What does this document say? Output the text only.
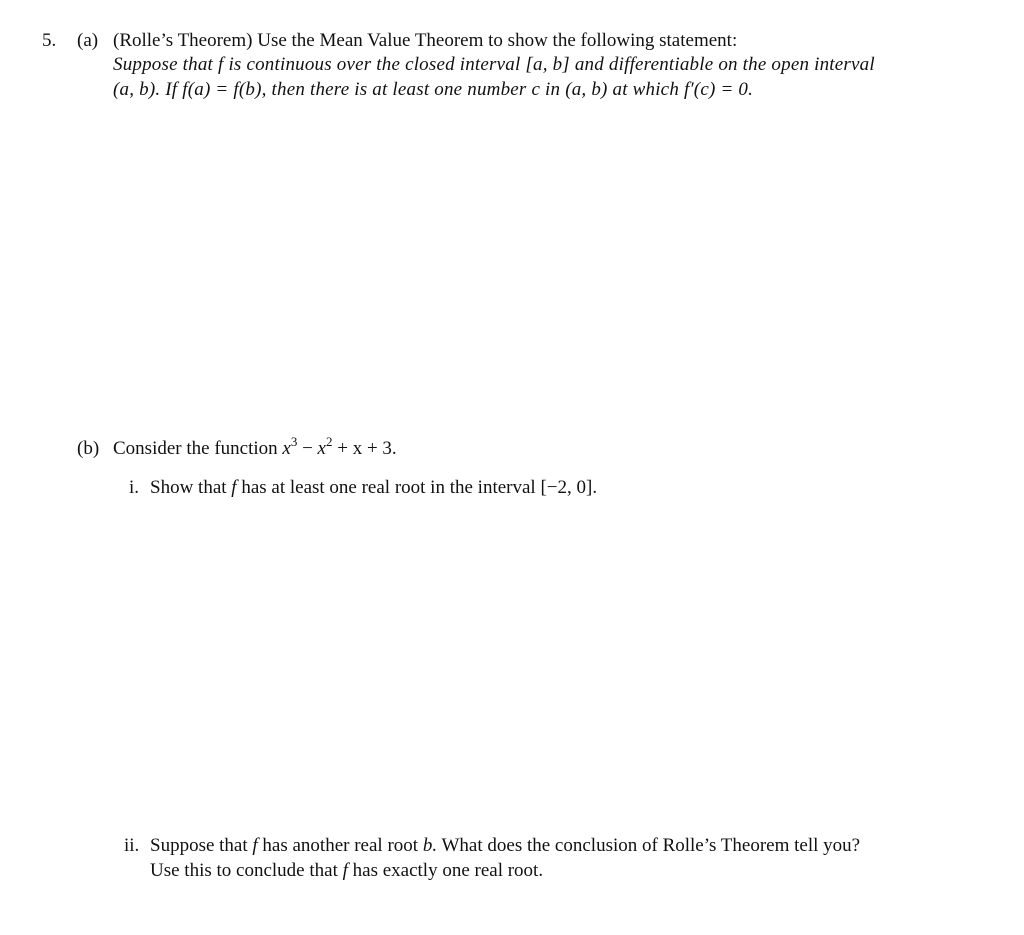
5. (a) (Rolle’s Theorem) Use the Mean Value Theorem to show the following statement:
Suppose that f is continuous over the closed interval [a, b] and differentiable on the open interval
(a, b). If f(a) = f(b), then there is at least one number c in (a, b) at which f′(c) = 0.
(b) Consider the function $x^3 - x^2 + x + 3$.
i. Show that f has at least one real root in the interval [−2, 0].
ii. Suppose that f has another real root b. What does the conclusion of Rolle’s Theorem tell you?
Use this to conclude that f has exactly one real root.
